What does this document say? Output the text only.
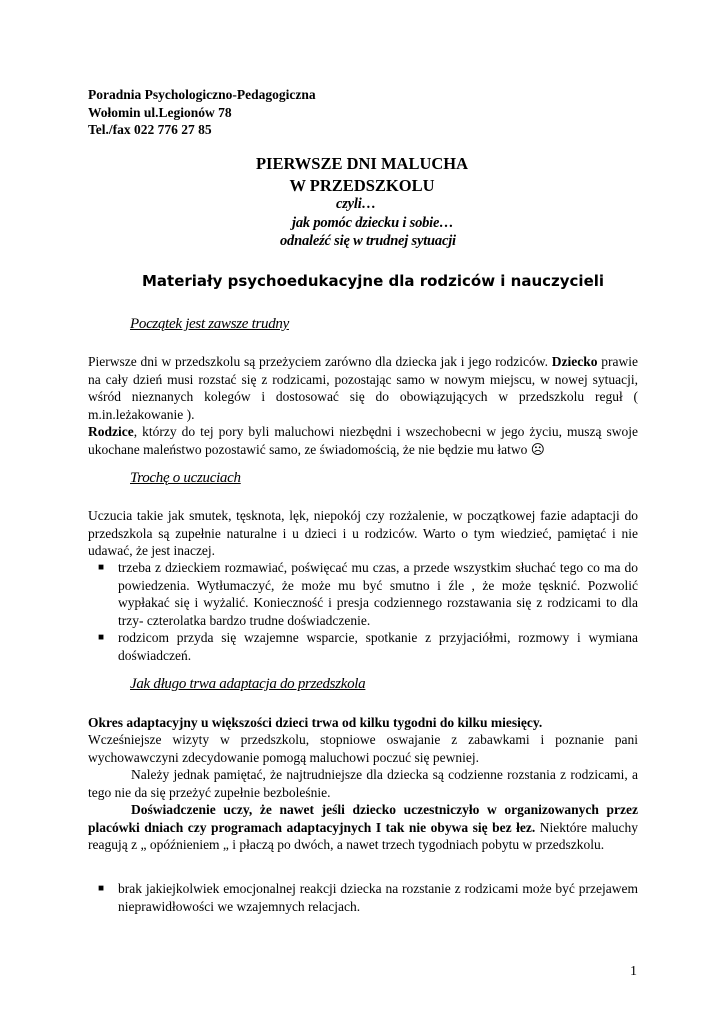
Poradnia Psychologiczno-Pedagogiczna
Wołomin ul.Legionów 78
Tel./fax 022 776 27 85
PIERWSZE DNI MALUCHA
W PRZEDSZKOLU
czyli…
jak pomóc dziecku i sobie…
odnaleźć się w trudnej sytuacji
Materiały psychoedukacyjne dla rodziców i nauczycieli
Początek jest zawsze trudny
Pierwsze dni w przedszkolu są przeżyciem zarówno dla dziecka jak i jego rodziców. Dziecko prawie na cały dzień musi rozstać się z rodzicami, pozostając samo w nowym miejscu, w nowej sytuacji, wśród nieznanych kolegów i dostosować się do obowiązujących w przedszkolu reguł ( m.in.leżakowanie ).
Rodzice, którzy do tej pory byli maluchowi niezbędni i wszechobecni w jego życiu, muszą swoje ukochane maleństwo pozostawić samo, ze świadomością, że nie będzie mu łatwo ☹
Trochę o uczuciach
Uczucia takie jak smutek, tęsknota, lęk, niepokój czy rozżalenie, w początkowej fazie adaptacji do przedszkola są zupełnie naturalne i u dzieci i u rodziców. Warto o tym wiedzieć, pamiętać i nie udawać, że jest inaczej.
■ trzeba z dzieckiem rozmawiać, poświęcać mu czas, a przede wszystkim słuchać tego co ma do powiedzenia. Wytłumaczyć, że może mu być smutno i źle , że może tęsknić. Pozwolić wypłakać się i wyżalić. Konieczność i presja codziennego rozstawania się z rodzicami to dla trzy- czterolatka bardzo trudne doświadczenie.
■ rodzicom przyda się wzajemne wsparcie, spotkanie z przyjaciółmi, rozmowy i wymiana doświadczeń.
Jak długo trwa adaptacja do przedszkola
Okres adaptacyjny u większości dzieci trwa od kilku tygodni do kilku miesięcy.
Wcześniejsze wizyty w przedszkolu, stopniowe oswajanie z zabawkami i poznanie pani wychowawczyni zdecydowanie pomogą maluchowi poczuć się pewniej.
Należy jednak pamiętać, że najtrudniejsze dla dziecka są codzienne rozstania z rodzicami, a tego nie da się przeżyć zupełnie bezboleśnie.
Doświadczenie uczy, że nawet jeśli dziecko uczestniczyło w organizowanych przez placówki dniach czy programach adaptacyjnych I tak nie obywa się bez łez. Niektóre maluchy reagują z „ opóźnieniem „ i płaczą po dwóch, a nawet trzech tygodniach pobytu w przedszkolu.
■ brak jakiejkolwiek emocjonalnej reakcji dziecka na rozstanie z rodzicami może być przejawem nieprawidłowości we wzajemnych relacjach.
1
